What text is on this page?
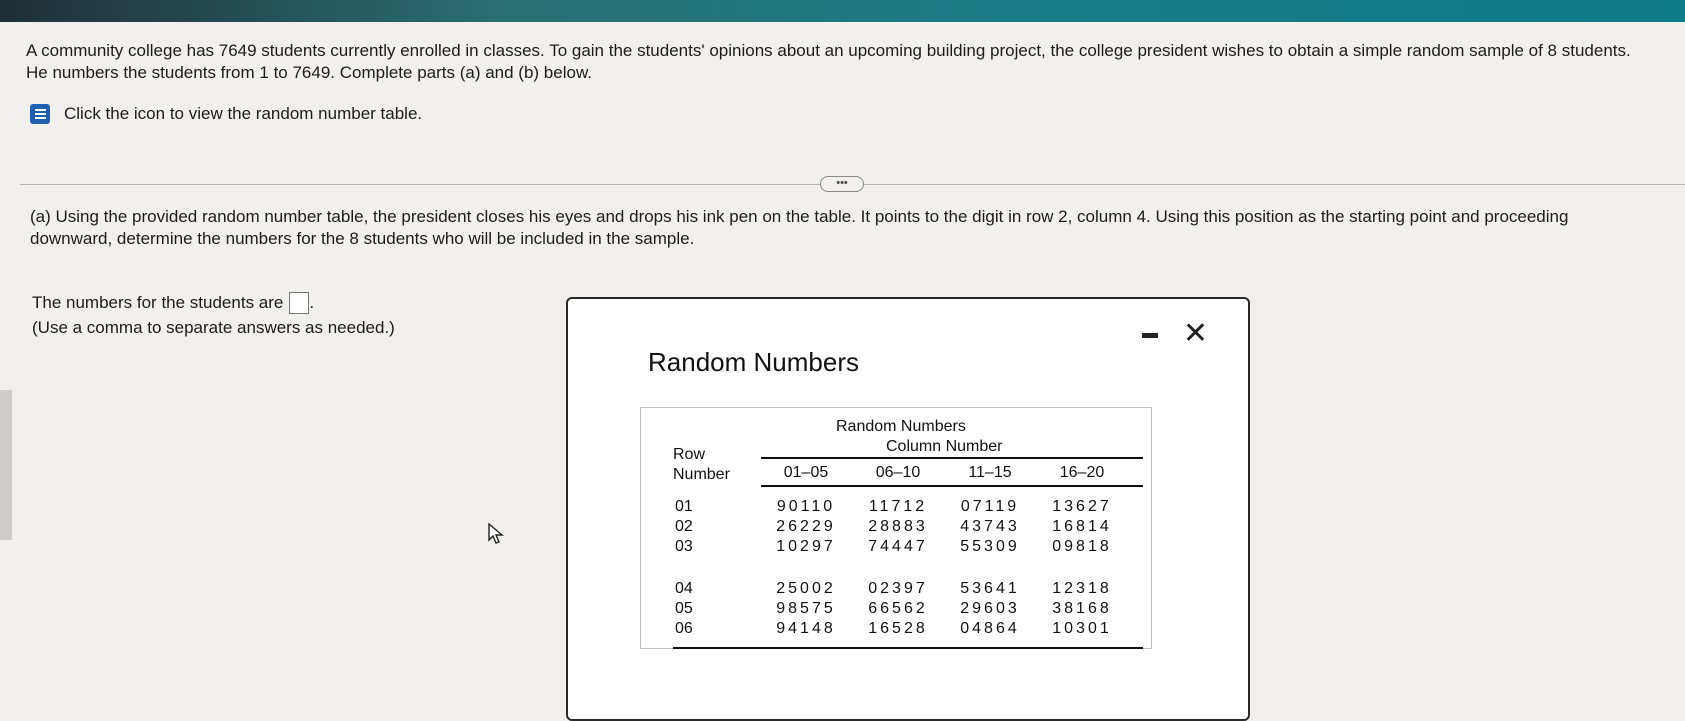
A community college has 7649 students currently enrolled in classes. To gain the students' opinions about an upcoming building project, the college president wishes to obtain a simple random sample of 8 students. He numbers the students from 1 to 7649. Complete parts (a) and (b) below.
Click the icon to view the random number table.
•••
(a) Using the provided random number table, the president closes his eyes and drops his ink pen on the table. It points to the digit in row 2, column 4. Using this position as the starting point and proceeding downward, determine the numbers for the 8 students who will be included in the sample.
The numbers for the students are .
(Use a comma to separate answers as needed.)	✕
Random Numbers
Random Numbers
Column Number
Row
Number	01–05	06–10	11–15	16–20
01	90110	11712	07119	13627
02	26229	28883	43743	16814
03	10297	74447	55309	09818
04	25002	02397	53641	12318
05	98575	66562	29603	38168
06	94148	16528	04864	10301
